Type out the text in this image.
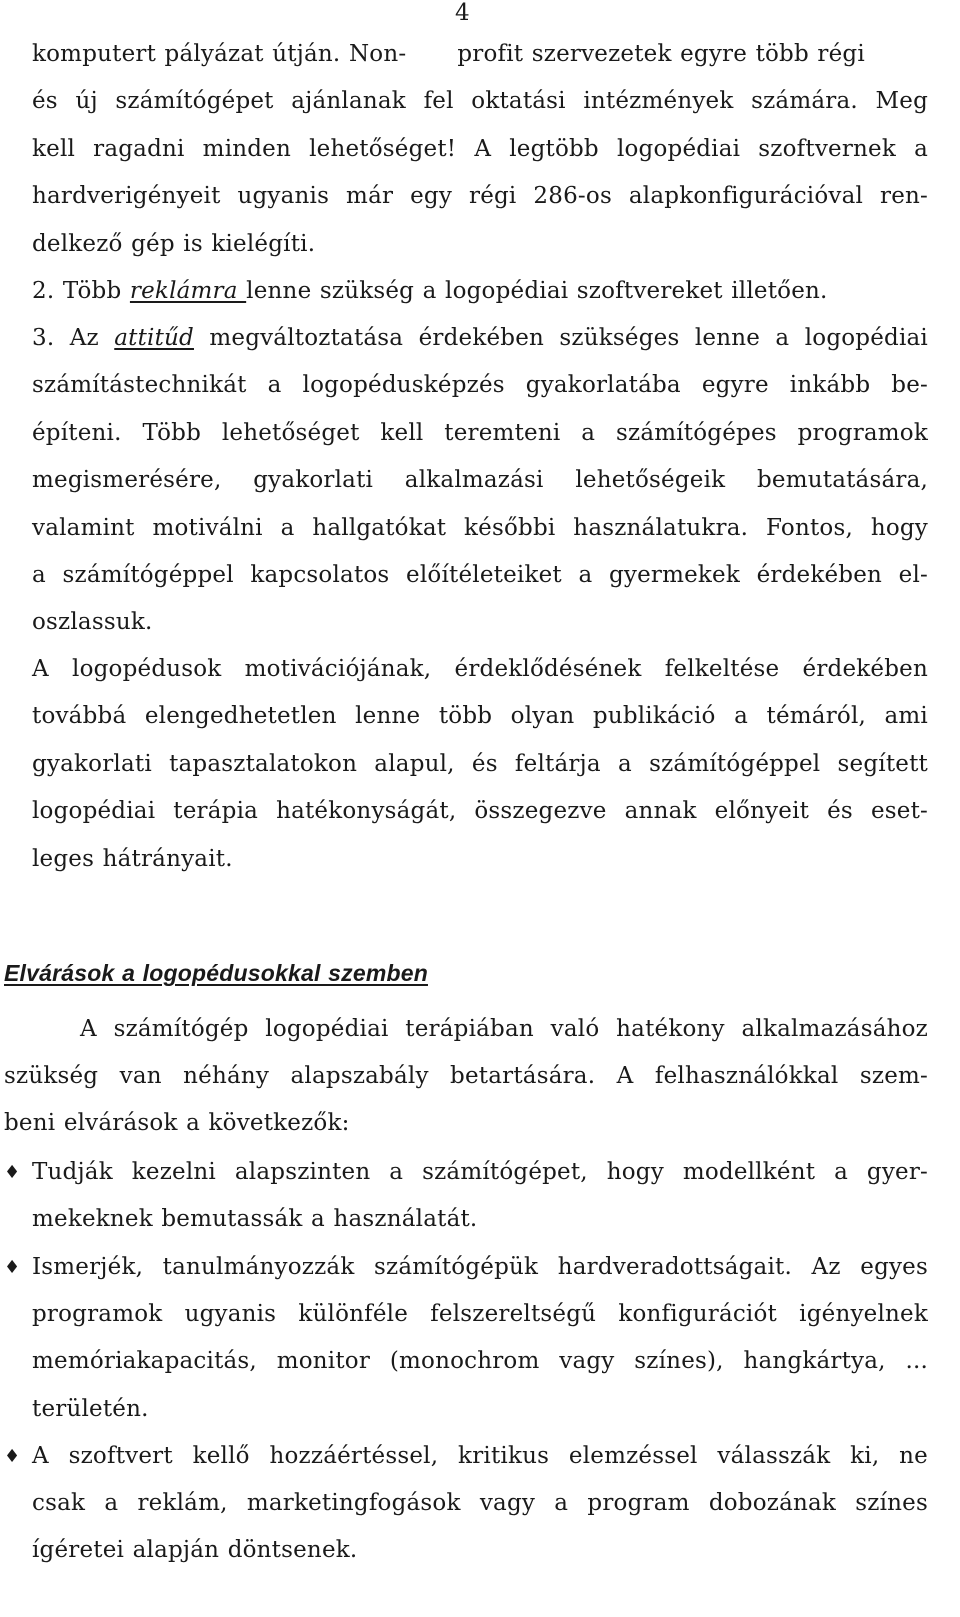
4
komputert pályázat útján. Non-      profit szervezetek egyre több régi
és új számítógépet ajánlanak fel oktatási intézmények számára. Meg
kell ragadni minden lehetőséget! A legtöbb logopédiai szoftvernek a
hardverigényeit ugyanis már egy régi 286-os alapkonfigurációval ren-
delkező gép is kielégíti.
2. Több reklámra lenne szükség a logopédiai szoftvereket illetően.
3. Az attitűd megváltoztatása érdekében szükséges lenne a logopédiai
számítástechnikát a logopédusképzés gyakorlatába egyre inkább be-
építeni. Több lehetőséget kell teremteni a számítógépes programok
megismerésére, gyakorlati alkalmazási lehetőségeik bemutatására,
valamint motiválni a hallgatókat későbbi használatukra. Fontos, hogy
a számítógéppel kapcsolatos előítéleteiket a gyermekek érdekében el-
oszlassuk.
A logopédusok motivációjának, érdeklődésének felkeltése érdekében
továbbá elengedhetetlen lenne több olyan publikáció a témáról, ami
gyakorlati tapasztalatokon alapul, és feltárja a számítógéppel segített
logopédiai terápia hatékonyságát, összegezve annak előnyeit és eset-
leges hátrányait.
Elvárások a logopédusokkal szemben
A számítógép logopédiai terápiában való hatékony alkalmazásához
szükség van néhány alapszabály betartására. A felhasználókkal szem-
beni elvárások a következők:
♦ Tudják kezelni alapszinten a számítógépet, hogy modellként a gyer-
mekeknek bemutassák a használatát.
♦ Ismerjék, tanulmányozzák számítógépük hardveradottságait. Az egyes
programok ugyanis különféle felszereltségű konfigurációt igényelnek
memóriakapacitás, monitor (monochrom vagy színes), hangkártya, ...
területén.
♦ A szoftvert kellő hozzáértéssel, kritikus elemzéssel válasszák ki, ne
csak a reklám, marketingfogások vagy a program dobozának színes
ígéretei alapján döntsenek.
